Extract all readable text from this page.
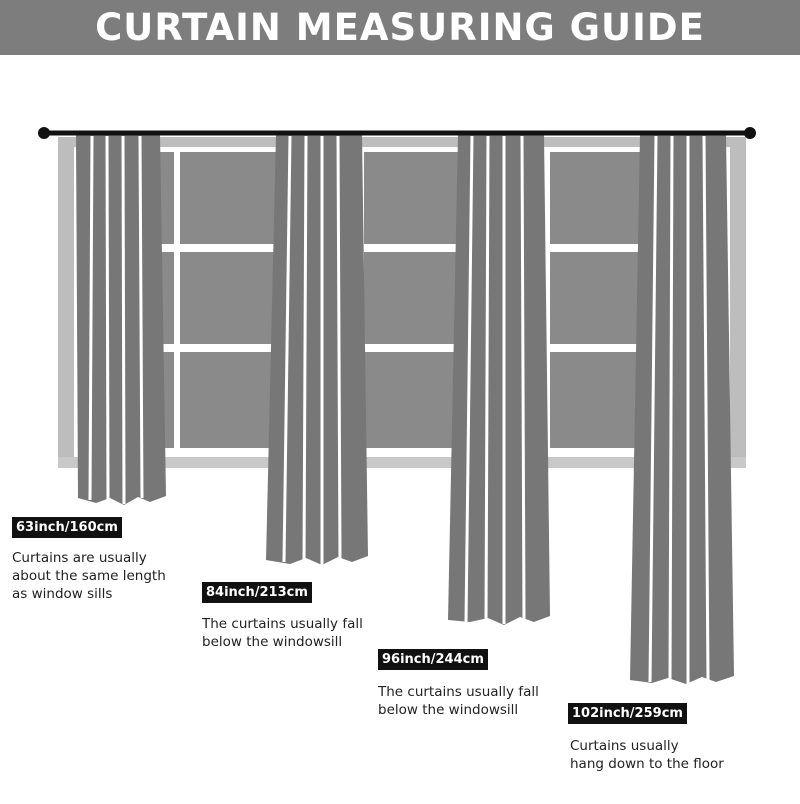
CURTAIN MEASURING GUIDE
63inch/160cm
Curtains are usually
about the same length
as window sills	84inch/213cm
The curtains usually fall
below the windowsill
96inch/244cm
The curtains usually fall
below the windowsill	102inch/259cm
Curtains usually
hang down to the floor
